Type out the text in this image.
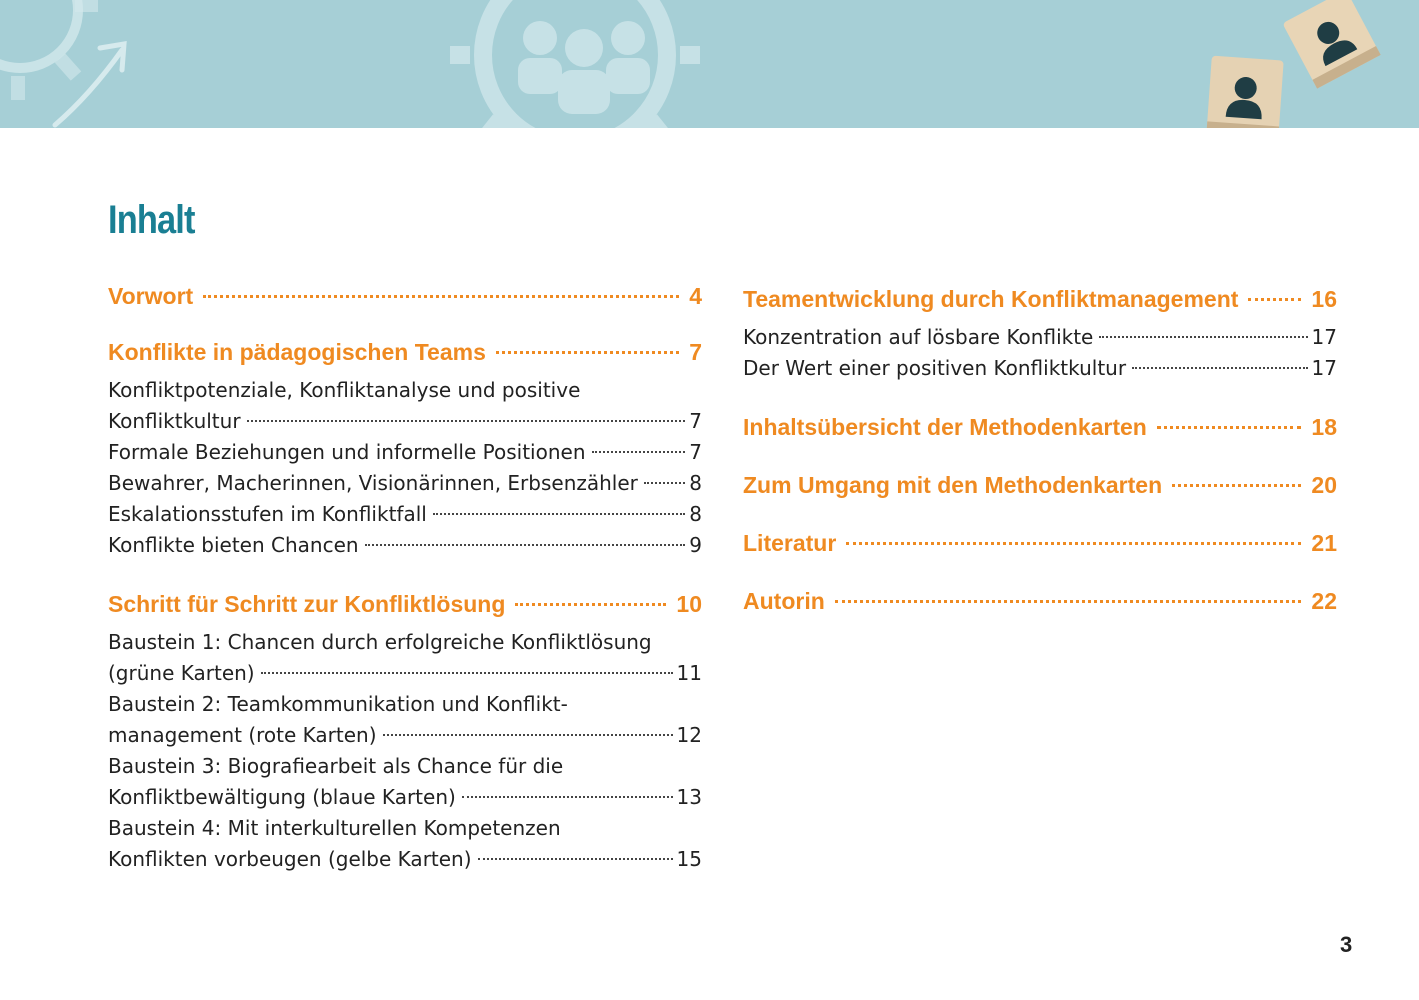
Inhalt
Vorwort	4
Konflikte in pädagogischen Teams	7
Konfliktpotenziale, Konfliktanalyse und positive
Konfliktkultur	7
Formale Beziehungen und informelle Positionen	7
Bewahrer, Macherinnen, Visionärinnen, Erbsenzähler	8
Eskalationsstufen im Konfliktfall	8
Konflikte bieten Chancen	9
Schritt für Schritt zur Konfliktlösung	10
Baustein 1: Chancen durch erfolgreiche Konfliktlösung
(grüne Karten)	11
Baustein 2: Teamkommunikation und Konflikt-
management (rote Karten)	12
Baustein 3: Biografiearbeit als Chance für die
Konfliktbewältigung (blaue Karten)	13
Baustein 4: Mit interkulturellen Kompetenzen
Konflikten vorbeugen (gelbe Karten)	15
Teamentwicklung durch Konfliktmanagement	16
Konzentration auf lösbare Konflikte	17
Der Wert einer positiven Konfliktkultur	17
Inhaltsübersicht der Methodenkarten	18
Zum Umgang mit den Methodenkarten	20
Literatur	21
Autorin	22
3
